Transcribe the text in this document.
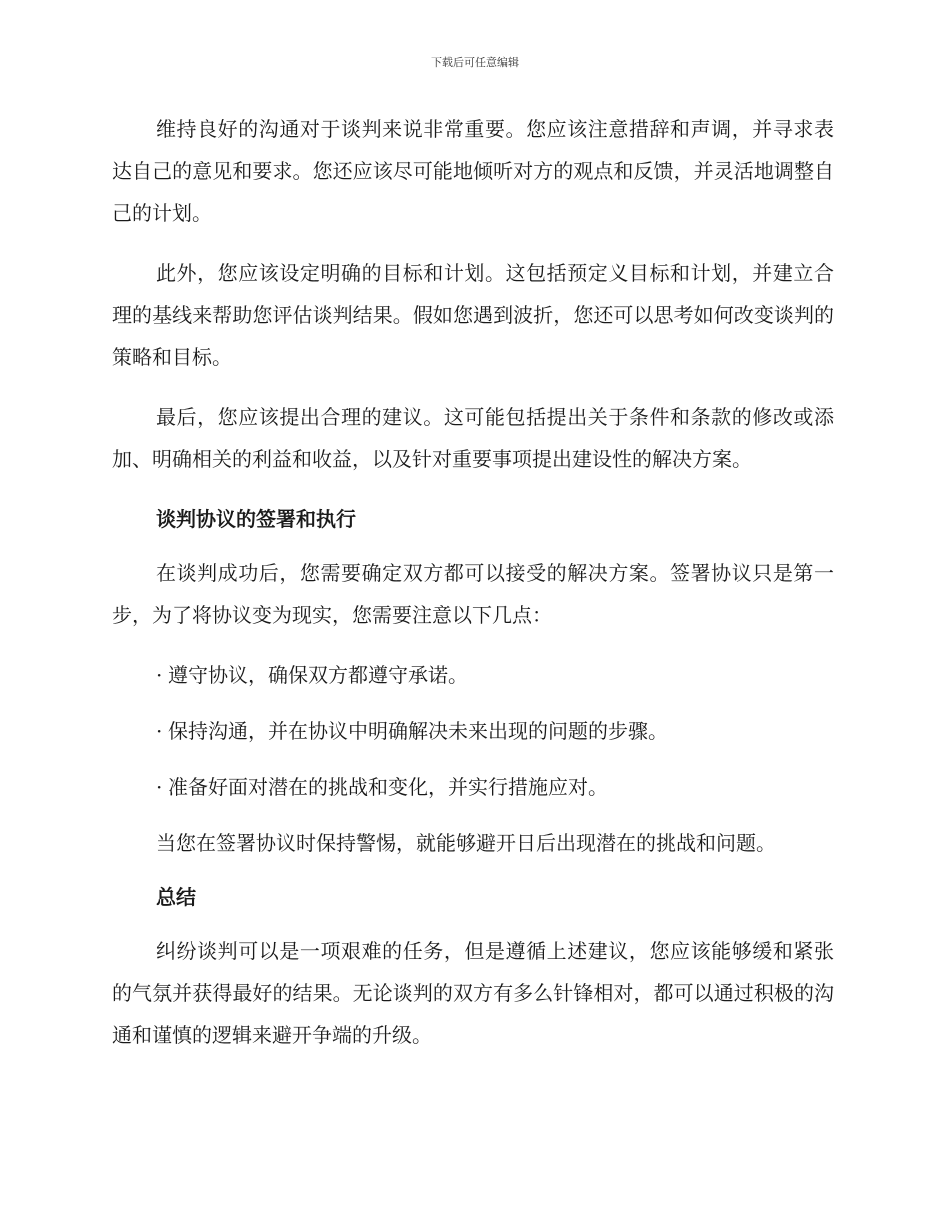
下载后可任意编辑

维持良好的沟通对于谈判来说非常重要。您应该注意措辞和声调，并寻求表达自己的意见和要求。您还应该尽可能地倾听对方的观点和反馈，并灵活地调整自己的计划。

此外，您应该设定明确的目标和计划。这包括预定义目标和计划，并建立合理的基线来帮助您评估谈判结果。假如您遇到波折，您还可以思考如何改变谈判的策略和目标。

最后，您应该提出合理的建议。这可能包括提出关于条件和条款的修改或添加、明确相关的利益和收益，以及针对重要事项提出建设性的解决方案。

谈判协议的签署和执行

在谈判成功后，您需要确定双方都可以接受的解决方案。签署协议只是第一步，为了将协议变为现实，您需要注意以下几点：

· 遵守协议，确保双方都遵守承诺。
· 保持沟通，并在协议中明确解决未来出现的问题的步骤。
· 准备好面对潜在的挑战和变化，并实行措施应对。

当您在签署协议时保持警惕，就能够避开日后出现潜在的挑战和问题。

总结

纠纷谈判可以是一项艰难的任务，但是遵循上述建议，您应该能够缓和紧张的气氛并获得最好的结果。无论谈判的双方有多么针锋相对，都可以通过积极的沟通和谨慎的逻辑来避开争端的升级。
